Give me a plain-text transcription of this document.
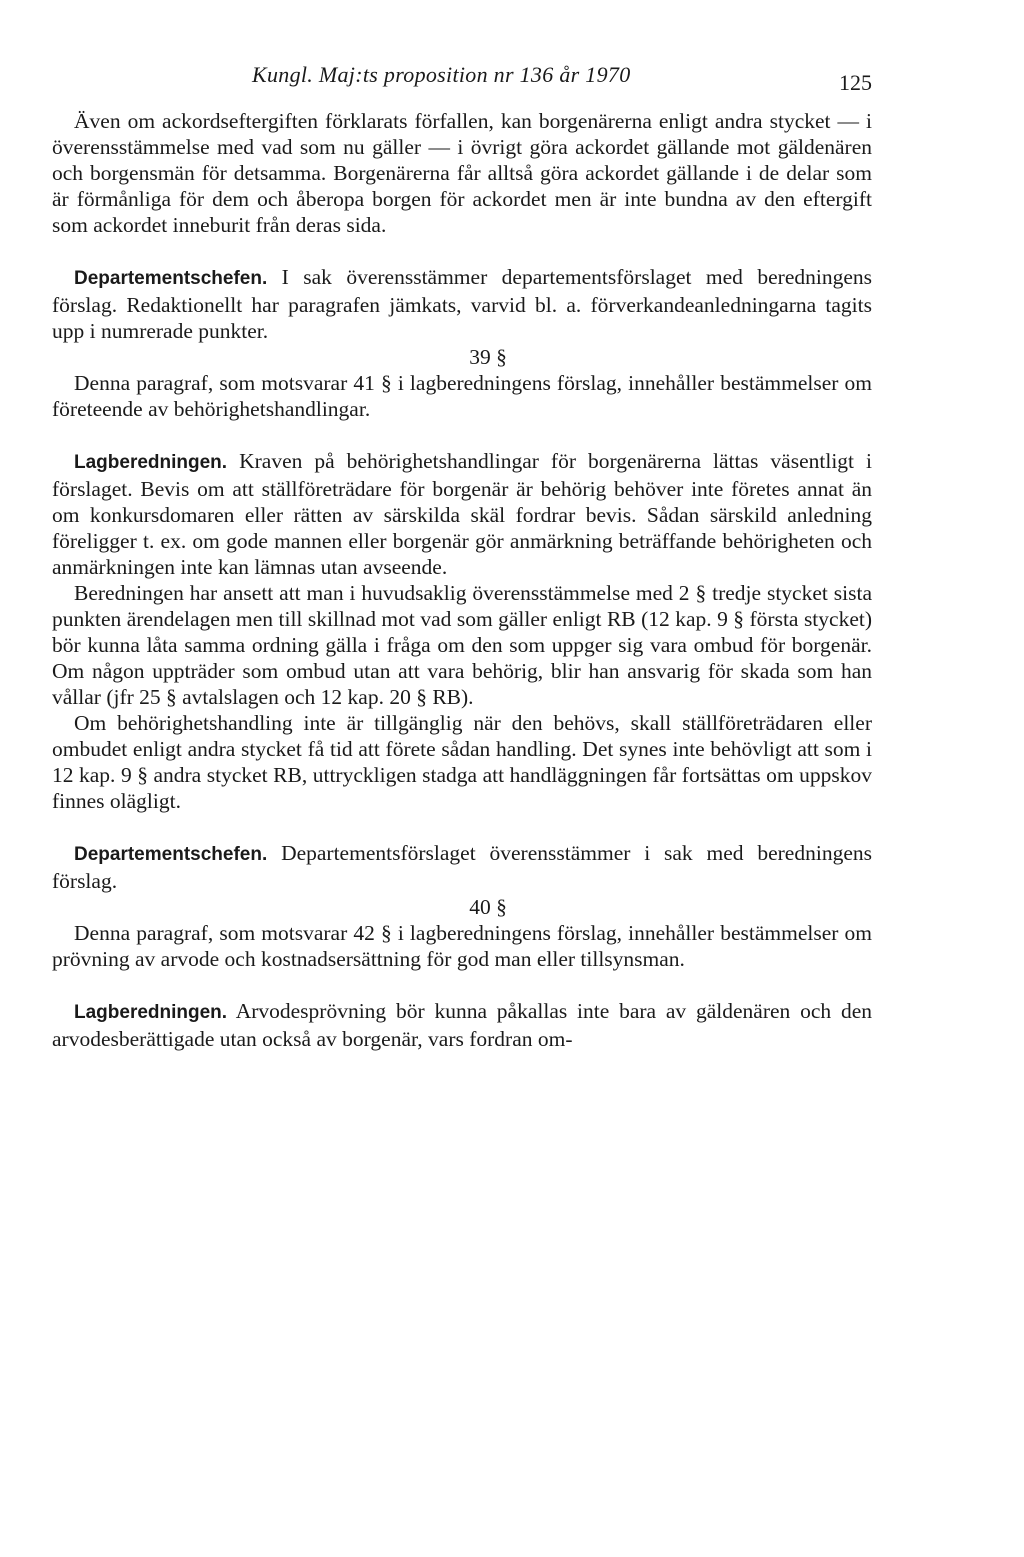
Kungl. Maj:ts proposition nr 136 år 1970	125

Även om ackordseftergiften förklarats förfallen, kan borgenärerna enligt andra stycket — i överensstämmelse med vad som nu gäller — i övrigt göra ackordet gällande mot gäldenären och borgensmän för detsamma. Borgenärerna får alltså göra ackordet gällande i de delar som är förmånliga för dem och åberopa borgen för ackordet men är inte bundna av den eftergift som ackordet inneburit från deras sida.

Departementschefen. I sak överensstämmer departementsförslaget med beredningens förslag. Redaktionellt har paragrafen jämkats, varvid bl. a. förverkandeanledningarna tagits upp i numrerade punkter.

39 §

Denna paragraf, som motsvarar 41 § i lagberedningens förslag, innehåller bestämmelser om företeende av behörighetshandlingar.

Lagberedningen. Kraven på behörighetshandlingar för borgenärerna lättas väsentligt i förslaget. Bevis om att ställföreträdare för borgenär är behörig behöver inte företes annat än om konkursdomaren eller rätten av särskilda skäl fordrar bevis. Sådan särskild anledning föreligger t. ex. om gode mannen eller borgenär gör anmärkning beträffande behörigheten och anmärkningen inte kan lämnas utan avseende.

Beredningen har ansett att man i huvudsaklig överensstämmelse med 2 § tredje stycket sista punkten ärendelagen men till skillnad mot vad som gäller enligt RB (12 kap. 9 § första stycket) bör kunna låta samma ordning gälla i fråga om den som uppger sig vara ombud för borgenär. Om någon uppträder som ombud utan att vara behörig, blir han ansvarig för skada som han vållar (jfr 25 § avtalslagen och 12 kap. 20 § RB).

Om behörighetshandling inte är tillgänglig när den behövs, skall ställföreträdaren eller ombudet enligt andra stycket få tid att förete sådan handling. Det synes inte behövligt att som i 12 kap. 9 § andra stycket RB, uttryckligen stadga att handläggningen får fortsättas om uppskov finnes olägligt.

Departementschefen. Departementsförslaget överensstämmer i sak med beredningens förslag.

40 §

Denna paragraf, som motsvarar 42 § i lagberedningens förslag, innehåller bestämmelser om prövning av arvode och kostnadsersättning för god man eller tillsynsman.

Lagberedningen. Arvodesprövning bör kunna påkallas inte bara av gäldenären och den arvodesberättigade utan också av borgenär, vars fordran om-
